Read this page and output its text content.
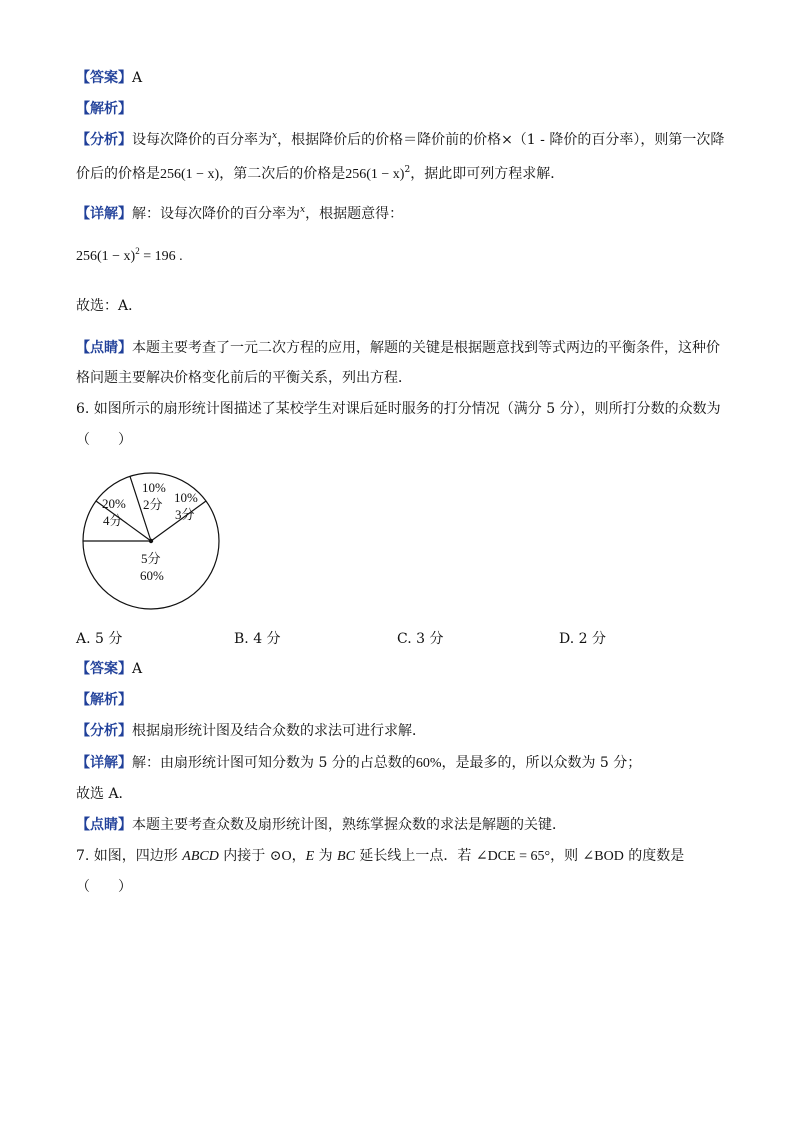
【答案】A
【解析】
【分析】设每次降价的百分率为$^x$，根据降价后的价格＝降价前的价格×（1 - 降价的百分率），则第一次降
价后的价格是256(1 − x)，第二次后的价格是$256(1 - x)^2$，据此即可列方程求解．
【详解】解：设每次降价的百分率为$^x$，根据题意得：
$256(1 - x)^2 = 196$ .
故选：A．
【点睛】本题主要考查了一元二次方程的应用，解题的关键是根据题意找到等式两边的平衡条件，这种价
格问题主要解决价格变化前后的平衡关系，列出方程．
6. 如图所示的扇形统计图描述了某校学生对课后延时服务的打分情况（满分 5 分），则所打分数的众数为
（　　）
20%
4分
10%
2分 10%
3分
5分
60%
A. 5 分	B. 4 分	C. 3 分	D. 2 分
【答案】A
【解析】
【分析】根据扇形统计图及结合众数的求法可进行求解．
【详解】解：由扇形统计图可知分数为 5 分的占总数的60%，是最多的，所以众数为 5 分；
故选 A．
【点睛】本题主要考查众数及扇形统计图，熟练掌握众数的求法是解题的关键．
7. 如图，四边形 ABCD 内接于 ⊙O，E 为 BC 延长线上一点．若 ∠DCE = 65°，则 ∠BOD 的度数是
（　　）
